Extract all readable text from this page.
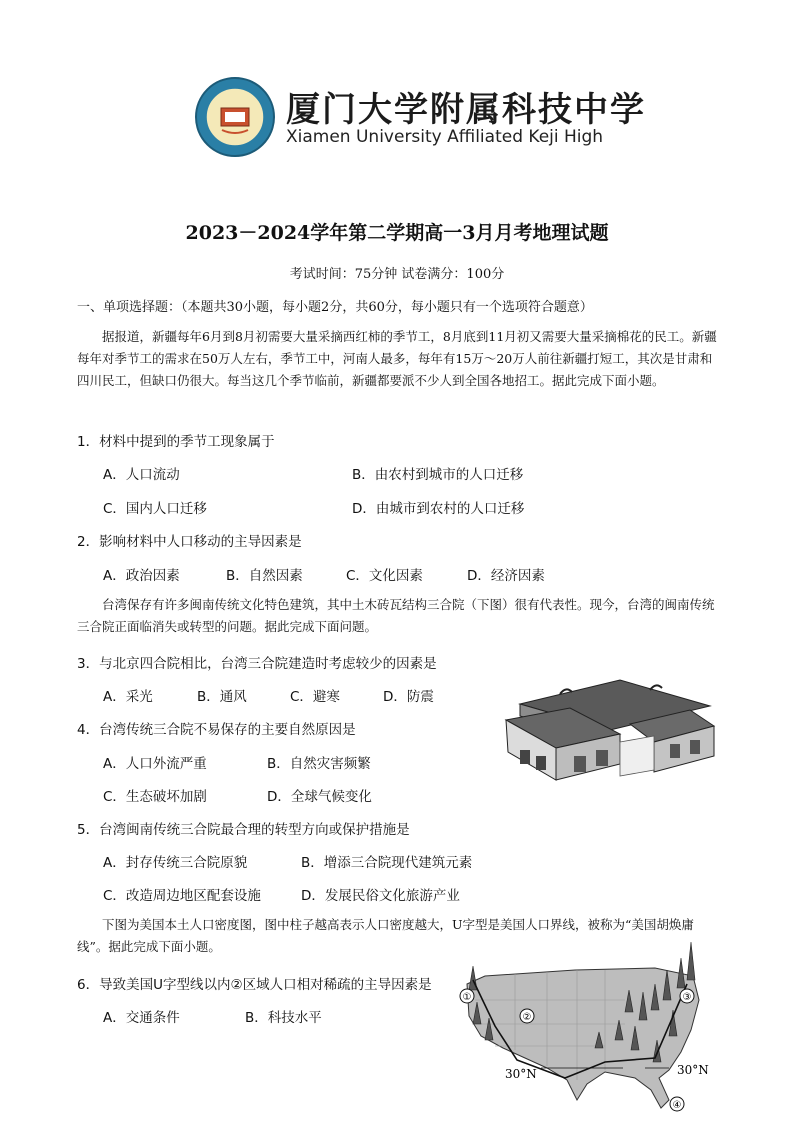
厦门大学附属科技中学
Xiamen University Affiliated Keji High
2023－2024学年第二学期高一3月月考地理试题
考试时间：75分钟 试卷满分：100分
一、单项选择题：（本题共30小题，每小题2分，共60分，每小题只有一个选项符合题意）
据报道，新疆每年6月到8月初需要大量采摘西红柿的季节工，8月底到11月初又需要大量采摘棉花的民工。新疆每年对季节工的需求在50万人左右，季节工中，河南人最多，每年有15万～20万人前往新疆打短工，其次是甘肃和四川民工，但缺口仍很大。每当这几个季节临前，新疆都要派不少人到全国各地招工。据此完成下面小题。
1．材料中提到的季节工现象属于
A．人口流动	B．由农村到城市的人口迁移
C．国内人口迁移	D．由城市到农村的人口迁移
2．影响材料中人口移动的主导因素是
A．政治因素	B．自然因素	C．文化因素	D．经济因素
台湾保存有许多闽南传统文化特色建筑，其中土木砖瓦结构三合院（下图）很有代表性。现今，台湾的闽南传统三合院正面临消失或转型的问题。据此完成下面问题。
3．与北京四合院相比，台湾三合院建造时考虑较少的因素是
A．采光	B．通风	C．避寒	D．防震
4．台湾传统三合院不易保存的主要自然原因是
A．人口外流严重	B．自然灾害频繁
C．生态破坏加剧	D．全球气候变化
5．台湾闽南传统三合院最合理的转型方向或保护措施是
A．封存传统三合院原貌	B．增添三合院现代建筑元素
C．改造周边地区配套设施	D．发展民俗文化旅游产业
下图为美国本土人口密度图，图中柱子越高表示人口密度越大，U字型是美国人口界线，被称为“美国胡焕庸线”。据此完成下面小题。
6．导致美国U字型线以内②区域人口相对稀疏的主导因素是
A．交通条件	B．科技水平
①
②
③
④
30°N	30°N
